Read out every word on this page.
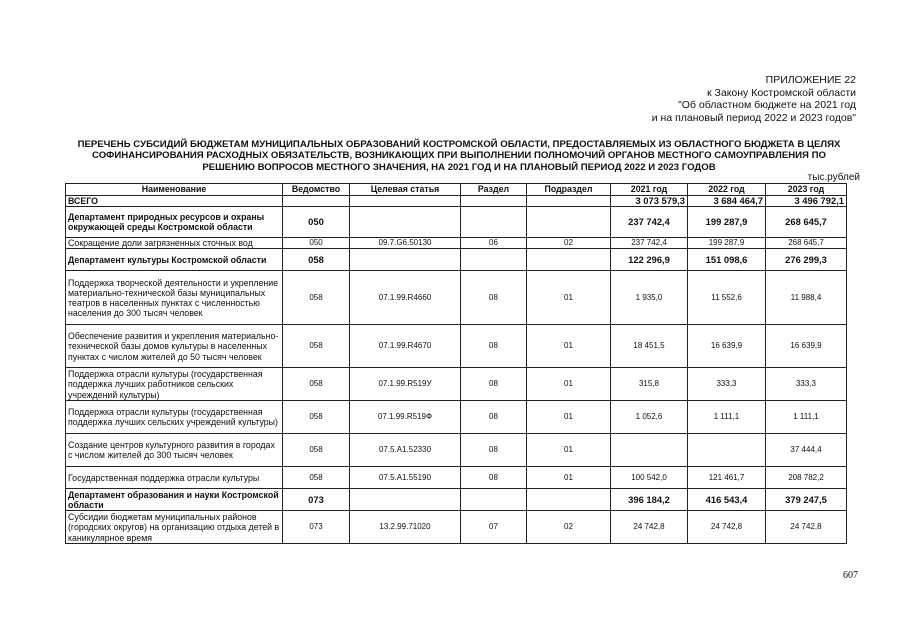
ПРИЛОЖЕНИЕ 22
к Закону Костромской области
"Об областном бюджете на 2021 год
и на плановый период 2022 и 2023 годов"
ПЕРЕЧЕНЬ СУБСИДИЙ БЮДЖЕТАМ МУНИЦИПАЛЬНЫХ ОБРАЗОВАНИЙ КОСТРОМСКОЙ ОБЛАСТИ, ПРЕДОСТАВЛЯЕМЫХ ИЗ ОБЛАСТНОГО БЮДЖЕТА В ЦЕЛЯХ
СОФИНАНСИРОВАНИЯ РАСХОДНЫХ ОБЯЗАТЕЛЬСТВ, ВОЗНИКАЮЩИХ ПРИ ВЫПОЛНЕНИИ ПОЛНОМОЧИЙ ОРГАНОВ МЕСТНОГО САМОУПРАВЛЕНИЯ ПО
РЕШЕНИЮ ВОПРОСОВ МЕСТНОГО ЗНАЧЕНИЯ, НА 2021 ГОД И НА ПЛАНОВЫЙ ПЕРИОД 2022 И 2023 ГОДОВ
тыс.рублей
Наименование	Ведомство	Целевая статья	Раздел	Подраздел	2021 год	2022 год	2023 год
ВСЕГО					3 073 579,3	3 684 464,7	3 496 792,1
Департамент природных ресурсов и охраны окружающей среды Костромской области	050				237 742,4	199 287,9	268 645,7
Сокращение доли загрязненных сточных вод	050	09.7.G6.50130	06	02	237 742,4	199 287,9	268 645,7
Департамент культуры Костромской области	058				122 296,9	151 098,6	276 299,3
Поддержка творческой деятельности и укрепление материально-технической базы муниципальных театров в населенных пунктах с численностью населения до 300 тысяч человек	058	07.1.99.R4660	08	01	1 935,0	11 552,6	11 988,4
Обеспечение развития и укрепления материально-технической базы домов культуры в населенных пунктах с числом жителей до 50 тысяч человек	058	07.1.99.R4670	08	01	18 451,5	16 639,9	16 639,9
Поддержка отрасли культуры (государственная поддержка лучших работников сельских учреждений культуры)	058	07.1.99.R519У	08	01	315,8	333,3	333,3
Поддержка отрасли культуры (государственная поддержка лучших сельских учреждений культуры)	058	07.1.99.R519Ф	08	01	1 052,6	1 111,1	1 111,1
Создание центров культурного развития в городах с числом жителей до 300 тысяч человек	058	07.5.A1.52330	08	01			37 444,4
Государственная поддержка отрасли культуры	058	07.5.A1.55190	08	01	100 542,0	121 461,7	208 782,2
Департамент образования и науки Костромской области	073				396 184,2	416 543,4	379 247,5
Субсидии бюджетам муниципальных районов (городских округов) на организацию отдыха детей в каникулярное время	073	13.2.99.71020	07	02	24 742,8	24 742,8	24 742,8
607
